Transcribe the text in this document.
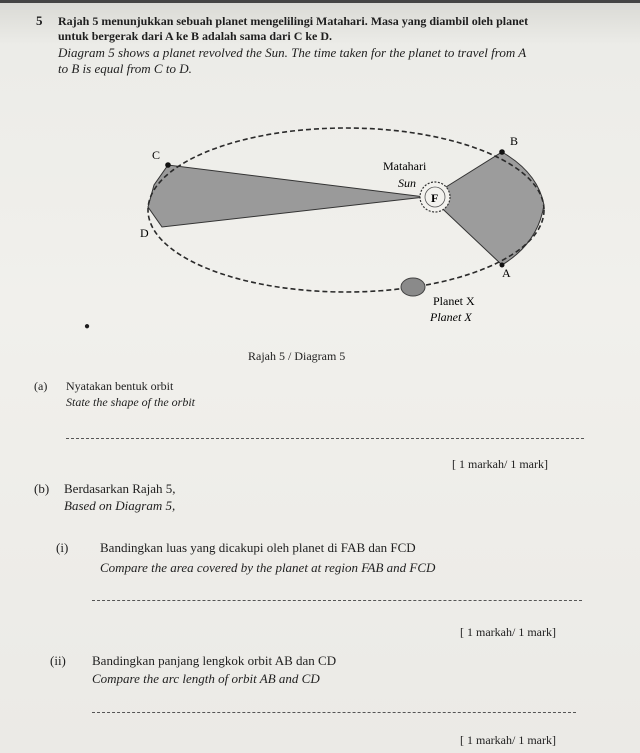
5 Rajah 5 menunjukkan sebuah planet mengelilingi Matahari. Masa yang diambil oleh planet
untuk bergerak dari A ke B adalah sama dari C ke D.
Diagram 5 shows a planet revolved the Sun. The time taken for the planet to travel from A
to B is equal from C to D.
F
B
C
D
A
Matahari
Sun
Planet X
Planet X
●
Rajah 5 / Diagram 5
(a) Nyatakan bentuk orbit
State the shape of the orbit
[ 1 markah/ 1 mark]
(b) Berdasarkan Rajah 5,
Based on Diagram 5,
(i) Bandingkan luas yang dicakupi oleh planet di FAB dan FCD
Compare the area covered by the planet at region FAB and FCD
[ 1 markah/ 1 mark]
(ii) Bandingkan panjang lengkok orbit AB dan CD
Compare the arc length of orbit AB and CD
[ 1 markah/ 1 mark]
